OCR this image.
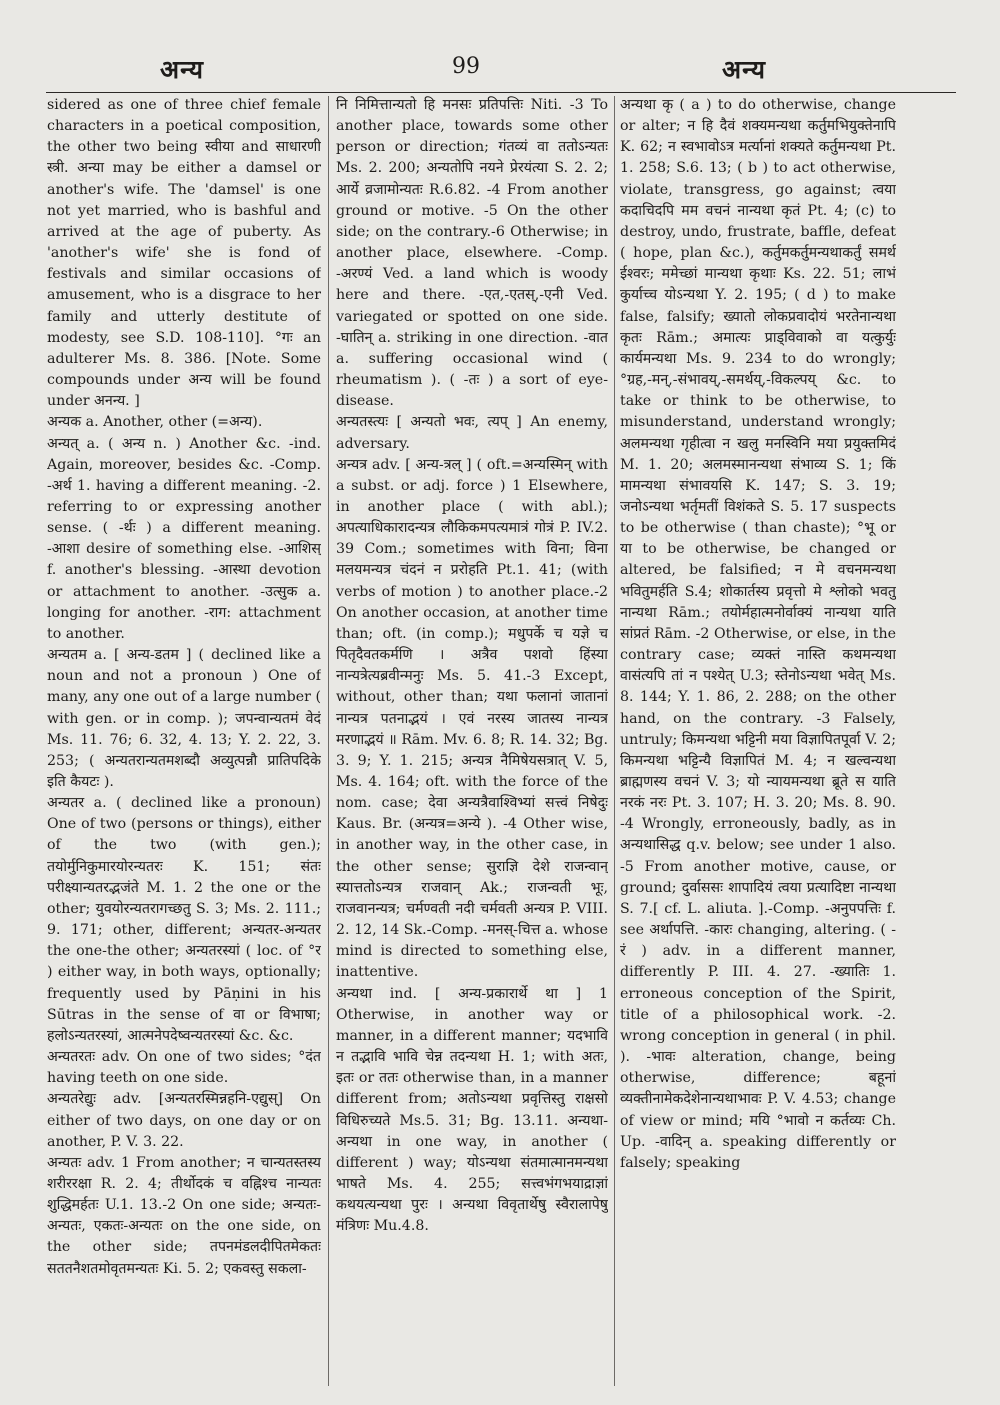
अन्य	99	अन्य

sidered as one of three chief female characters in a poetical composition, the other two being स्वीया and साधारणी स्त्री. अन्या may be either a damsel or another's wife. The 'damsel' is one not yet married, who is bashful and arrived at the age of puberty. As 'another's wife' she is fond of festivals and similar occasions of amusement, who is a disgrace to her family and utterly destitute of modesty, see S.D. 108-110]. °गः an adulterer Ms. 8. 386. [Note. Some compounds under अन्य will be found under अनन्य. ]

अन्यक a. Another, other (=अन्य).

अन्यत् a. ( अन्य n. ) Another &c. -ind. Again, moreover, besides &c. -Comp. -अर्थ 1. having a different meaning. -2. referring to or expressing another sense. ( -र्थः ) a different meaning. -आशा desire of something else. -आशिस् f. another's blessing. -आस्था devotion or attachment to another. -उत्सुक a. longing for another. -राग: attachment to another.

अन्यतम a. [ अन्य-डतम ] ( declined like a noun and not a pronoun ) One of many, any one out of a large number ( with gen. or in comp. ); जपन्वान्यतमं वेदं Ms. 11. 76; 6. 32, 4. 13; Y. 2. 22, 3. 253; ( अन्यतरान्यतमशब्दौ अव्युत्पन्नौ प्रातिपदिके इति कैयटः ).

अन्यतर a. ( declined like a pronoun) One of two (persons or things), either of the two (with gen.); तयोर्मुनिकुमारयोरन्यतरः K. 151; संतः परीक्ष्यान्यतरद्भजंते M. 1. 2 the one or the other; युवयोरन्यतरागच्छतु S. 3; Ms. 2. 111.; 9. 171; other, different; अन्यतर-अन्यतर the one-the other; अन्यतरस्यां ( loc. of °र ) either way, in both ways, optionally; frequently used by Pāṇini in his Sūtras in the sense of वा or विभाषा; हलोऽन्यतरस्यां, आत्मनेपदेष्वन्यतरस्यां &c. &c.

अन्यतरतः adv. On one of two sides; °दंत having teeth on one side.

अन्यतरेद्युः adv. [अन्यतरस्मिन्नहनि-एद्युस्] On either of two days, on one day or on another, P. V. 3. 22.

अन्यतः adv. 1 From another; न चान्यतस्तस्य शरीररक्षा R. 2. 4; तीर्थोदकं च वह्निश्च नान्यतः शुद्धिमर्हतः U.1. 13.-2 On one side; अन्यतः-अन्यतः, एकतः-अन्यतः on the one side, on the other side; तपनमंडलदीपितमेकतः सततनैशतमोवृतमन्यतः Ki. 5. 2; एकवस्तु सकला-

नि निमित्तान्यतो हि मनसः प्रतिपत्तिः Niti. -3 To another place, towards some other person or direction; गंतव्यं वा ततोऽन्यतः Ms. 2. 200; अन्यतोपि नयने प्रेरयंत्या S. 2. 2; आर्ये व्रजामोन्यतः R.6.82. -4 From another ground or motive. -5 On the other side; on the contrary.-6 Otherwise; in another place, elsewhere. -Comp. -अरण्यं Ved. a land which is woody here and there. -एत,-एतस्,-एनी Ved. variegated or spotted on one side. -घातिन् a. striking in one direction. -वात a. suffering occasional wind ( rheumatism ). ( -तः ) a sort of eye-disease.

अन्यतस्त्यः [ अन्यतो भवः, त्यप् ] An enemy, adversary.

अन्यत्र adv. [ अन्य-त्रल् ] ( oft.=अन्यस्मिन् with a subst. or adj. force ) 1 Elsewhere, in another place ( with abl.); अपत्याधिकारादन्यत्र लौकिकमपत्यमात्रं गोत्रं P. IV.2. 39 Com.; sometimes with विना; विना मलयमन्यत्र चंदनं न प्ररोहति Pt.1. 41; (with verbs of motion ) to another place.-2 On another occasion, at another time than; oft. (in comp.); मधुपर्के च यज्ञे च पितृदैवतकर्मणि । अत्रैव पशवो हिंस्या नान्यत्रेत्यब्रवीन्मनुः Ms. 5. 41.-3 Except, without, other than; यथा फलानां जातानां नान्यत्र पतनाद्भयं । एवं नरस्य जातस्य नान्यत्र मरणाद्भयं ॥ Rām. Mv. 6. 8; R. 14. 32; Bg. 3. 9; Y. 1. 215; अन्यत्र नैमिषेयसत्रात् V. 5, Ms. 4. 164; oft. with the force of the nom. case; देवा अन्यत्रैवाश्विभ्यां सत्त्वं निषेदुः Kaus. Br. (अन्यत्र=अन्ये ). -4 Other wise, in another way, in the other case, in the other sense; सुराज्ञि देशे राजन्वान् स्यात्ततोऽन्यत्र राजवान् Ak.; राजन्वती भूः, राजवानन्यत्र; चर्मण्वती नदी चर्मवती अन्यत्र P. VIII. 2. 12, 14 Sk.-Comp. -मनस्-चित्त a. whose mind is directed to something else, inattentive.

अन्यथा ind. [ अन्य-प्रकारार्थे था ] 1 Otherwise, in another way or manner, in a different manner; यदभावि न तद्भावि भावि चेन्न तदन्यथा H. 1; with अतः, इतः or ततः otherwise than, in a manner different from; अतोऽन्यथा प्रवृत्तिस्तु राक्षसो विधिरुच्यते Ms.5. 31; Bg. 13.11. अन्यथा-अन्यथा in one way, in another ( different ) way; योऽन्यथा संतमात्मानमन्यथा भाषते Ms. 4. 255; सत्त्वभंगभयाद्राज्ञां कथयत्यन्यथा पुरः । अन्यथा विवृतार्थेषु स्वैरालापेषु मंत्रिणः Mu.4.8.

अन्यथा कृ ( a ) to do otherwise, change or alter; न हि दैवं शक्यमन्यथा कर्तुमभियुक्तेनापि K. 62; न स्वभावोऽत्र मर्त्यानां शक्यते कर्तुमन्यथा Pt. 1. 258; S.6. 13; ( b ) to act otherwise, violate, transgress, go against; त्वया कदाचिदपि मम वचनं नान्यथा कृतं Pt. 4; (c) to destroy, undo, frustrate, baffle, defeat ( hope, plan &c.), कर्तुमकर्तुमन्यथाकर्तुं समर्थ ईश्वरः; ममेच्छां मान्यथा कृथाः Ks. 22. 51; लाभं कुर्याच्च योऽन्यथा Y. 2. 195; ( d ) to make false, falsify; ख्यातो लोकप्रवादोयं भरतेनान्यथा कृतः Rām.; अमात्यः प्राड्विवाको वा यत्कुर्युः कार्यमन्यथा Ms. 9. 234 to do wrongly; °ग्रह,-मन्,-संभावय्,-समर्थय्,-विकल्पय् &c. to take or think to be otherwise, to misunderstand, understand wrongly; अलमन्यथा गृहीत्वा न खलु मनस्विनि मया प्रयुक्तमिदं M. 1. 20; अलमस्मानन्यथा संभाव्य S. 1; किं मामन्यथा संभावयसि K. 147; S. 3. 19; जनोऽन्यथा भर्तृमतीं विशंकते S. 5. 17 suspects to be otherwise ( than chaste); °भू or या to be otherwise, be changed or altered, be falsified; न मे वचनमन्यथा भवितुमर्हति S.4; शोकार्तस्य प्रवृत्तो मे श्लोको भवतु नान्यथा Rām.; तयोर्महात्मनोर्वाक्यं नान्यथा याति सांप्रतं Rām. -2 Otherwise, or else, in the contrary case; व्यक्तं नास्ति कथमन्यथा वासंत्यपि तां न पश्येत् U.3; स्तेनोऽन्यथा भवेत् Ms. 8. 144; Y. 1. 86, 2. 288; on the other hand, on the contrary. -3 Falsely, untruly; किमन्यथा भट्टिनी मया विज्ञापितपूर्वा V. 2; किमन्यथा भट्टिन्यै विज्ञापितं M. 4; न खल्वन्यथा ब्राह्मणस्य वचनं V. 3; यो न्यायमन्यथा ब्रूते स याति नरकं नरः Pt. 3. 107; H. 3. 20; Ms. 8. 90. -4 Wrongly, erroneously, badly, as in अन्यथासिद्ध q.v. below; see under 1 also. -5 From another motive, cause, or ground; दुर्वाससः शापादियं त्वया प्रत्यादिष्टा नान्यथा S. 7.[ cf. L. aliuta. ].-Comp. -अनुपपत्तिः f. see अर्थापत्ति. -कारः changing, altering. ( -रं ) adv. in a different manner, differently P. III. 4. 27. -ख्यातिः 1. erroneous conception of the Spirit, title of a philosophical work. -2. wrong conception in general ( in phil. ). -भावः alteration, change, being otherwise, difference; बहूनां व्यक्तीनामेकदेशेनान्यथाभावः P. V. 4.53; change of view or mind; मयि °भावो न कर्तव्यः Ch. Up. -वादिन् a. speaking differently or falsely; speaking
